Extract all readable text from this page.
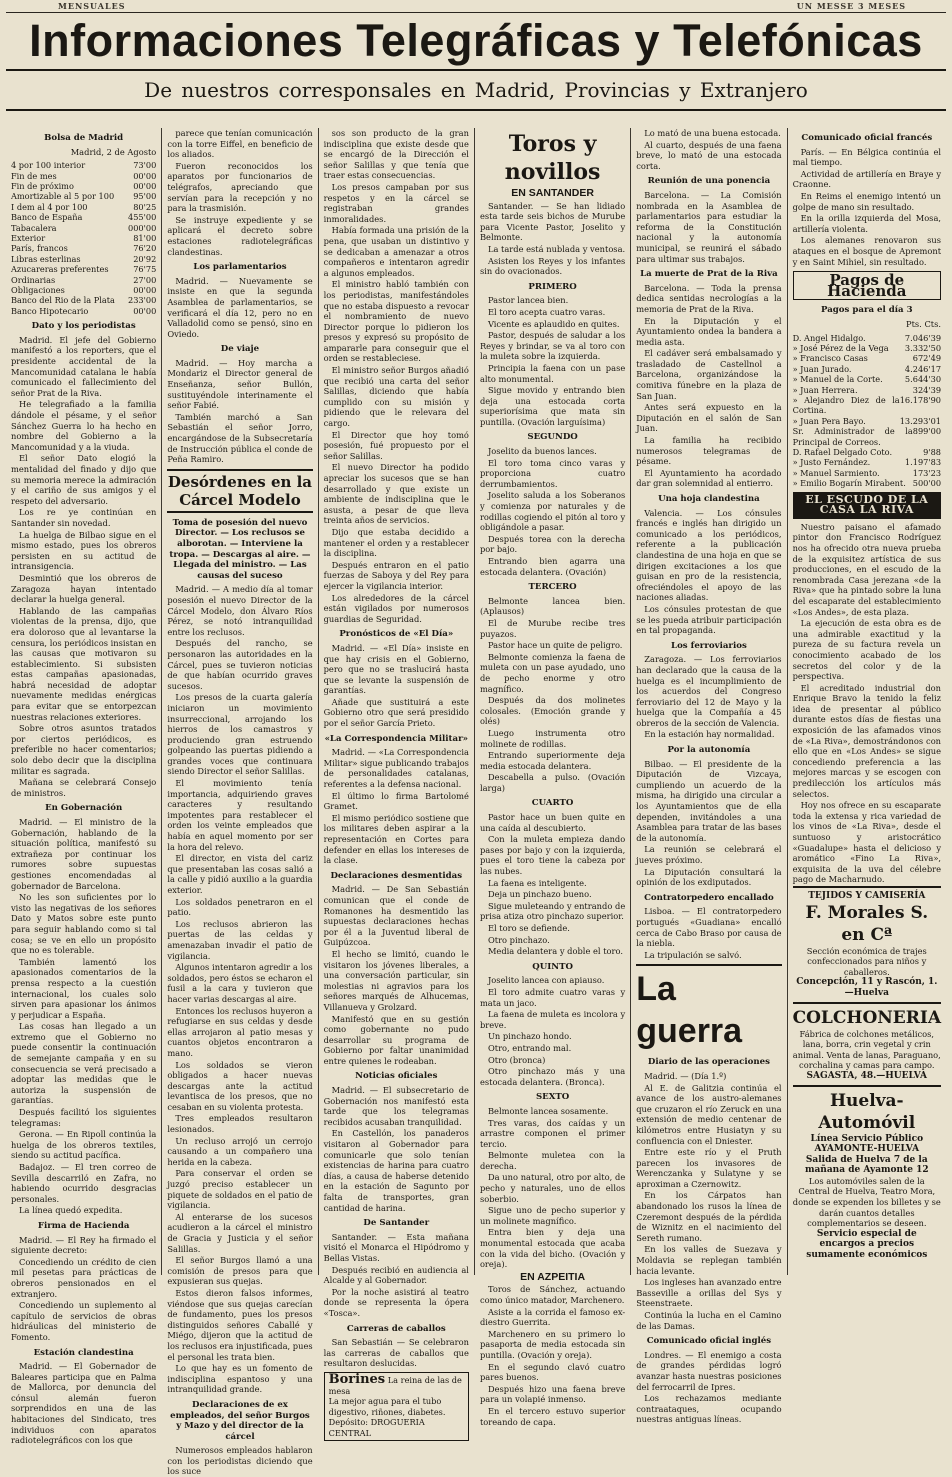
MENSUALES	UN MESSE 3 MESES
Informaciones Telegráficas y Telefónicas
De nuestros corresponsales en Madrid, Provincias y Extranjero
Bolsa de Madrid
Madrid, 2 de Agosto
4 por 100 interior	73'00
Fin de mes	00'00
Fin de próximo	00'00
Amortizable al 5 por 100	95'00
I dem al 4 por 100	80'25
Banco de España	455'00
Tabacalera	000'00
Exterior	81'00
París, francos	76'20
Libras esterlinas	20'92
Azucareras preferentes	76'75
Ordinarias	27'00
Obligaciones	00'00
Banco del Rio de la Plata	233'00
Banco Hipotecario	00'00
Dato y los periodistas

Madrid. El jefe del Gobierno manifestó a los reporters, que el presidente accidental de la Mancomunidad catalana le había comunicado el fallecimiento del señor Prat de la Riva.

He telegrafiado a la familia dándole el pésame, y el señor Sánchez Guerra lo ha hecho en nombre del Gobierno a la Mancomunidad y a la viuda.

El señor Dato elogió la mentalidad del finado y dijo que su memoria merece la admiración y el cariño de sus amigos y el respeto del adversario.

Los re ye continúan en Santander sin novedad.

La huelga de Bilbao sigue en el mismo estado, pues los obreros persisten en su actitud de intransigencia.

Desmintió que los obreros de Zaragoza hayan intentado declarar la huelga general.

Hablando de las campañas violentas de la prensa, dijo, que era doloroso que al levantarse la censura, los periódicos insistan en las causas que motivaron su establecimiento. Si subsisten estas campañas apasionadas, habrá necesidad de adoptar nuevamente medidas enérgicas para evitar que se entorpezcan nuestras relaciones exteriores.

Sobre otros asuntos tratados por ciertos periódicos, es preferible no hacer comentarios; solo debo decir que la disciplina militar es sagrada.

Mañana se celebrará Consejo de ministros.

En Gobernación

Madrid. — El ministro de la Gobernación, hablando de la situación política, manifestó su extrañeza por continuar los rumores sobre supuestas gestiones encomendadas al gobernador de Barcelona.

No les son suficientes por lo visto las negativas de los señores Dato y Matos sobre este punto para seguir hablando como si tal cosa; se ve en ello un propósito que no es tolerable.

También lamentó los apasionados comentarios de la prensa respecto a la cuestión internacional, los cuales solo sirven para apasionar los ánimos y perjudicar a España.

Las cosas han llegado a un extremo que el Gobierno no puede consentir la continuación de semejante campaña y en su consecuencia se verá precisado a adoptar las medidas que le autoriza la suspensión de garantías.

Después facilitó los siguientes telegramas:

Gerona. — En Ripoll continúa la huelga de los obreros textiles, siendo su actitud pacífica.

Badajoz. — El tren correo de Sevilla descarriló en Zafra, no habiendo ocurrido desgracias personales.

La línea quedó expedita.

Firma de Hacienda

Madrid. — El Rey ha firmado el siguiente decreto:

Concediendo un crédito de cien mil pesetas para prácticas de obreros pensionados en el extranjero.

Concediendo un suplemento al capítulo de servicios de obras hidráulicas del ministerio de Fomento.

Estación clandestina

Madrid. — El Gobernador de Baleares participa que en Palma de Mallorca, por denuncia del cónsul alemán fueron sorprendidos en una de las habitaciones del Sindicato, tres individuos con aparatos radiotelegráficos con los que

parece que tenían comunicación con la torre Eiffel, en beneficio de los aliados.

Fueron reconocidos los aparatos por funcionarios de telégrafos, apreciando que servían para la recepción y no para la trasmisión.

Se instruye expediente y se aplicará el decreto sobre estaciones radiotelegráficas clandestinas.

Los parlamentarios

Madrid. — Nuevamente se insiste en que la segunda Asamblea de parlamentarios, se verificará el día 12, pero no en Valladolid como se pensó, sino en Oviedo.

De viaje

Madrid. — Hoy marcha a Mondariz el Director general de Enseñanza, señor Bullón, sustituyéndole interinamente el señor Fabié.

También marchó a San Sebastián el señor Jorro, encargándose de la Subsecretaría de Instrucción pública el conde de Peña Ramiro.

Desórdenes en la Cárcel Modelo
Toma de posesión del nuevo Director. — Los reclusos se alborotan. — Interviene la tropa. — Descargas al aire. — Llegada del ministro. — Las causas del suceso

Madrid. — A medio día al tomar posesión el nuevo Director de la Cárcel Modelo, don Álvaro Ríos Pérez, se notó intranquilidad entre los reclusos.

Después del rancho, se personaron las autoridades en la Cárcel, pues se tuvieron noticias de que habían ocurrido graves sucesos.

Los presos de la cuarta galería iniciaron un movimiento insurreccional, arrojando los hierros de los camastros y produciendo gran estruendo golpeando las puertas pidiendo a grandes voces que continuara siendo Director el señor Salillas.

El movimiento tenía importancia, adquiriendo graves caracteres y resultando impotentes para restablecer el orden los veinte empleados que había en aquel momento por ser la hora del relevo.

El director, en vista del cariz que presentaban las cosas salió a la calle y pidió auxilio a la guardia exterior.

Los soldados penetraron en el patio.

Los reclusos abrieron las puertas de las celdas y amenazaban invadir el patio de vigilancia.

Algunos intentaron agredir a los soldados, pero éstos se echaron el fusil a la cara y tuvieron que hacer varias descargas al aire.

Entonces los reclusos huyeron a refugiarse en sus celdas y desde ellas arrojaron al patio mesas y cuantos objetos encontraron a mano.

Los soldados se vieron obligados a hacer nuevas descargas ante la actitud levantisca de los presos, que no cesaban en su violenta protesta.

Tres empleados resultaron lesionados.

Un recluso arrojó un cerrojo causando a un compañero una herida en la cabeza.

Para conservar el orden se juzgó preciso establecer un piquete de soldados en el patio de vigilancia.

Al enterarse de los sucesos acudieron a la cárcel el ministro de Gracia y Justicia y el señor Salillas.

El señor Burgos llamó a una comisión de presos para que expusieran sus quejas.

Estos dieron falsos informes, viéndose que sus quejas carecían de fundamento, pues los presos distinguidos señores Caballé y Miégo, dijeron que la actitud de los reclusos era injustificada, pues el personal les trata bien.

Lo que hay es un fomento de indisciplina espantoso y una intranquilidad grande.

Declaraciones de ex empleados, del señor Burgos y Mazo y del director de la cárcel

Numerosos empleados hablaron con los periodistas diciendo que los suce

sos son producto de la gran indisciplina que existe desde que se encargó de la Dirección el señor Salillas y que tenía que traer estas consecuencias.

Los presos campaban por sus respetos y en la cárcel se registraban grandes inmoralidades.

Había formada una prisión de la pena, que usaban un distintivo y se dedicaban a amenazar a otros compañeros e intentaron agredir a algunos empleados.

El ministro habló también con los periodistas, manifestándoles que no estaba dispuesto a revocar el nombramiento de nuevo Director porque lo pidieron los presos y expresó su propósito de ampararle para conseguir que el orden se restableciese.

El ministro señor Burgos añadió que recibió una carta del señor Salillas, diciendo que había cumplido con su misión y pidiendo que le relevara del cargo.

El Director que hoy tomó posesión, fué propuesto por el señor Salillas.

El nuevo Director ha podido apreciar los sucesos que se han desarrollado y que existe un ambiente de indisciplina que le asusta, a pesar de que lleva treinta años de servicios.

Dijo que estaba decidido a mantener el orden y a restablecer la disciplina.

Después entraron en el patio fuerzas de Saboya y del Rey para ejercer la vigilancia interior.

Los alrededores de la cárcel están vigilados por numerosos guardias de Seguridad.

Pronósticos de «El Día»

Madrid. — «El Día» insiste en que hay crisis en el Gobierno, pero que no se traslucirá hasta que se levante la suspensión de garantías.

Añade que sustituirá a este Gobierno otro que será presidido por el señor García Prieto.

«La Correspondencia Militar»

Madrid. — «La Correspondencia Militar» sigue publicando trabajos de personalidades catalanas, referentes a la defensa nacional.

El último lo firma Bartolomé Gramet.

El mismo periódico sostiene que los militares deben aspirar a la representación en Cortes para defender en ellas los intereses de la clase.

Declaraciones desmentidas

Madrid. — De San Sebastián comunican que el conde de Romanones ha desmentido las supuestas declaraciones hechas por él a la Juventud liberal de Guipúzcoa.

El hecho se limitó, cuando le visitaron los jóvenes liberales, a una conversación particular, sin molestias ni agravios para los señores marqués de Alhucemas, Villanueva y Grolzard.

Manifestó que en su gestión como gobernante no pudo desarrollar su programa de Gobierno por faltar unanimidad entre quienes le rodeaban.

Noticias oficiales

Madrid. — El subsecretario de Gobernación nos manifestó esta tarde que los telegramas recibidos acusaban tranquilidad.

En Castellón, los panaderos visitaron al Gobernador para comunicarle que solo tenían existencias de harina para cuatro días, a causa de haberse detenido en la estación de Sagunto por falta de transportes, gran cantidad de harina.

De Santander

Santander. — Esta mañana visitó el Monarca el Hipódromo y Bellas Vistas.

Después recibió en audiencia al Alcalde y al Gobernador.

Por la noche asistirá al teatro donde se representa la ópera «Tosca».

Carreras de caballos

San Sebastián — Se celebraron las carreras de caballos que resultaron deslucidas.

Borines La reina de las de mesa
La mejor agua para el tubo digestivo, riñones, diabetes.
Depósito: DROGUERIA CENTRAL
Toros y novillos
EN SANTANDER

Santander. — Se han lidiado esta tarde seis bichos de Murube para Vicente Pastor, Joselito y Belmonte.

La tarde está nublada y ventosa.

Asisten los Reyes y los infantes sin do ovacionados.

PRIMERO

Pastor lancea bien.

El toro acepta cuatro varas.

Vicente es aplaudido en quites.

Pastor, después de saludar a los Reyes y brindar, se va al toro con la muleta sobre la izquierda.

Principia la faena con un pase alto monumental.

Sigue movido y entrando bien deja una estocada corta superiorísima que mata sin puntilla. (Ovación larguísima)

SEGUNDO

Joselito da buenos lances.

El toro toma cinco varas y proporciona cuatro derrumbamientos.

Joselito saluda a los Soberanos y comienza por naturales y de rodillas cogiendo el pitón al toro y obligándole a pasar.

Después torea con la derecha por bajo.

Entrando bien agarra una estocada delantera. (Ovación)

TERCERO

Belmonte lancea bien. (Aplausos)

El de Murube recibe tres puyazos.

Pastor hace un quite de peligro.

Belmonte comienza la faena de muleta con un pase ayudado, uno de pecho enorme y otro magnífico.

Después da dos molinetes colosales. (Emoción grande y olés)

Luego instrumenta otro molinete de rodillas.

Entrando superiormente deja media estocada delantera.

Descabella a pulso. (Ovación larga)

CUARTO

Pastor hace un buen quite en una caída al descubierto.

Con la muleta empieza dando pases por bajo y con la izquierda, pues el toro tiene la cabeza por las nubes.

La faena es inteligente.

Deja un pinchazo bueno.

Sigue muleteando y entrando de prisa atiza otro pinchazo superior.

El toro se defiende.

Otro pinchazo.

Media delantera y doble el toro.

QUINTO

Joselito lancea con apiauso.

El toro admite cuatro varas y mata un jaco.

La faena de muleta es incolora y breve.

Un pinchazo hondo.

Otro, entrando mal.

Otro (bronca)

Otro pinchazo más y una estocada delantera. (Bronca).

SEXTO

Belmonte lancea sosamente.

Tres varas, dos caídas y un arrastre componen el primer tercio.

Belmonte muletea con la derecha.

Da uno natural, otro por alto, de pecho y naturales, uno de ellos soberbio.

Sigue uno de pecho superior y un molinete magnífico.

Entra bien y deja una monumental estocada que acaba con la vida del bicho. (Ovación y oreja).

EN AZPEITIA

Toros de Sánchez, actuando como único matador, Marchenero.

Asiste a la corrida el famoso ex-diestro Guerrita.

Marchenero en su primero lo pasaporta de media estocada sin puntilla. (Ovación y oreja).

En el segundo clavó cuatro pares buenos.

Después hizo una faena breve para un volapié inmenso.

En el tercero estuvo superior toreando de capa.

Lo mató de una buena estocada.

Al cuarto, después de una faena breve, lo mató de una estocada corta.

Reunión de una ponencia

Barcelona. — La Comisión nombrada en la Asamblea de parlamentarios para estudiar la reforma de la Constitución nacional y la autonomía municipal, se reunirá el sábado para ultimar sus trabajos.

La muerte de Prat de la Riva

Barcelona. — Toda la prensa dedica sentidas necrologías a la memoria de Prat de la Riva.

En la Diputación y el Ayuntamiento ondea la bandera a media asta.

El cadáver será embalsamado y trasladado de Castellnol a Barcelona, organizándose la comitiva fúnebre en la plaza de San Juan.

Antes será expuesto en la Diputación en el salón de San Juan.

La familia ha recibido numerosos telegramas de pésame.

El Ayuntamiento ha acordado dar gran solemnidad al entierro.

Una hoja clandestina

Valencia. — Los cónsules francés e inglés han dirigido un comunicado a los periódicos, referente a la publicación clandestina de una hoja en que se dirigen excitaciones a los que guisan en pro de la resistencia, ofreciéndoles el apoyo de las naciones aliadas.

Los cónsules protestan de que se les pueda atribuir participación en tal propaganda.

Los ferroviarios

Zaragoza. — Los ferroviarios han declarado que la causa de la huelga es el incumplimiento de los acuerdos del Congreso ferroviario del 12 de Mayo y la huelga que la Compañía a 45 obreros de la sección de Valencia.

En la estación hay normalidad.

Por la autonomía

Bilbao. — El presidente de la Diputación de Vizcaya, cumpliendo un acuerdo de la misma, ha dirigido una circular a los Ayuntamientos que de ella dependen, invitándoles a una Asamblea para tratar de las bases de la autonomía.

La reunión se celebrará el jueves próximo.

La Diputación consultará la opinión de los exdiputados.

Contratorpedero encallado

Lisboa. — El contratorpedero portugués «Guadiana» encalló cerca de Cabo Braso por causa de la niebla.

La tripulación se salvó.

La guerra
Diario de las operaciones

Madrid. — (Día 1.º)

Al E. de Galitzia continúa el avance de los austro-alemanes que cruzaron el río Zeruck en una extensión de medio centenar de kilómetros entre Husiatyn y su confluencia con el Dniester.

Entre este río y el Pruth parecen los invasores de Werenczanka y Sulatyne y se aproximan a Czernowitz.

En los Cárpatos han abandonado los rusos la línea de Czeremont después de la pérdida de Wiznitz en el nacimiento del Sereth rumano.

En los valles de Suezava y Moldavia se replegan también hacia levante.

Los ingleses han avanzado entre Basseville a orillas del Sys y Steenstraete.

Continúa la lucha en el Camino de las Damas.

Comunicado oficial inglés

Londres. — El enemigo a costa de grandes pérdidas logró avanzar hasta nuestras posiciones del ferrocarril de Ipres.

Los rechazamos mediante contraataques, ocupando nuestras antiguas líneas.

Comunicado oficial francés

París. — En Bélgica continúa el mal tiempo.

Actividad de artillería en Braye y Craonne.

En Reims el enemigo intentó un golpe de mano sin resultado.

En la orilla izquierda del Mosa, artillería violenta.

Los alemanes renovaron sus ataques en el bosque de Apremont y en Saint Mihiel, sin resultado.

Pagos de Hacienda
Pagos para el día 3
Pts. Cts.
D. Angel Hidalgo.	7.046'39
» José Pérez de la Vega 3.332'50
» Francisco Casas	672'49
» Juan Jurado.	4.246'17
» Manuel de la Corte.	5.644'30
» Juan Herrera.	324'39
» Alejandro Diez de la Cortina.
16.178'90
» Juan Pera Bayo.	13.293'01
Sr. Administrador de la Principal de Correos.
899'00
D. Rafael Delgado Coto.	9'88
» Justo Fernández.	1.197'83
» Manuel Sarmiento.	173'23
» Emilio Bogarín Mirabent. 500'00
EL ESCUDO DE LA CASA LA RIVA

Nuestro paisano el afamado pintor don Francisco Rodríguez nos ha ofrecido otra nueva prueba de la exquisitez artística de sus producciones, en el escudo de la renombrada Casa jerezana «de la Riva» que ha pintado sobre la luna del escaparate del establecimiento «Los Andes», de esta plaza.

La ejecución de esta obra es de una admirable exactitud y la pureza de su factura revela un conocimiento acabado de los secretos del color y de la perspectiva.

El acreditado industrial don Enrique Bravo la tenido la feliz idea de presentar al público durante estos días de fiestas una exposición de las afamados vinos de «La Riva», demostrándonos con ello que en «Los Andes» se sigue concediendo preferencia a las mejores marcas y se escogen con predilección los artículos más selectos.

Hoy nos ofrece en su escaparate toda la extensa y rica variedad de los vinos de «La Riva», desde el suntuoso y aristocrático «Guadalupe» hasta el delicioso y aromático «Fino La Riva», exquisita de la uva del célebre pago de Macharnudo.

TEJIDOS Y CAMISERÍA
F. Morales S. en Cª
Sección económica de trajes confeccionados para niños y caballeros.
Concepción, 11 y Rascón, 1.—Huelva
COLCHONERIA
Fábrica de colchones metálicos, lana, borra, crin vegetal y crin animal. Venta de lanas, Paraguano, corchalina y camas para campo.
SAGASTA, 48.—HUELVA
Huelva-Automóvil
Línea Servicio Público
AYAMONTE-HUELVA
Salida de Huelva 7 de la mañana de Ayamonte 12
Los automóviles salen de la Central de Huelva, Teatro Mora, donde se expenden los billetes y se darán cuantos detalles complementarios se deseen.
Servicio especial de encargos a precios sumamente económicos
